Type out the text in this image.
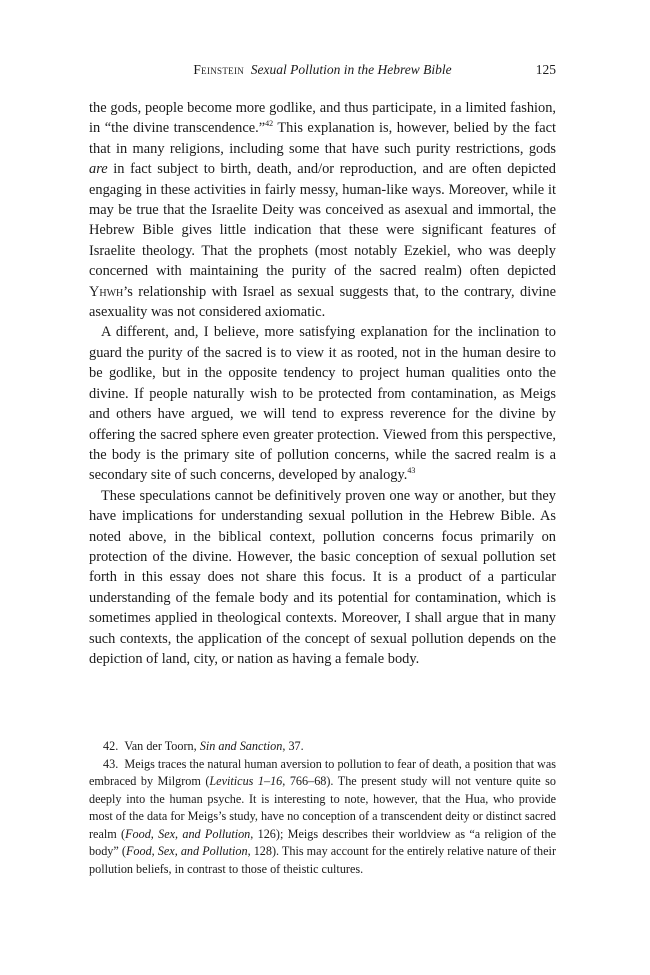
Feinstein Sexual Pollution in the Hebrew Bible	125

the gods, people become more godlike, and thus participate, in a limited fashion, in “the divine transcendence.”$^{42}$ This explanation is, however, belied by the fact that in many religions, including some that have such purity restrictions, gods are in fact subject to birth, death, and/or reproduction, and are often depicted engaging in these activities in fairly messy, human-like ways. Moreover, while it may be true that the Israelite Deity was conceived as asexual and immortal, the Hebrew Bible gives little indication that these were significant features of Israelite theology. That the prophets (most notably Ezekiel, who was deeply concerned with maintaining the purity of the sacred realm) often depicted Yhwh’s relationship with Israel as sexual suggests that, to the contrary, divine asexuality was not considered axiomatic.

A different, and, I believe, more satisfying explanation for the inclination to guard the purity of the sacred is to view it as rooted, not in the human desire to be godlike, but in the opposite tendency to project human qualities onto the divine. If people naturally wish to be protected from contamination, as Meigs and others have argued, we will tend to express reverence for the divine by offering the sacred sphere even greater protection. Viewed from this perspective, the body is the primary site of pollution concerns, while the sacred realm is a secondary site of such concerns, developed by analogy.$^{43}$

These speculations cannot be definitively proven one way or another, but they have implications for understanding sexual pollution in the Hebrew Bible. As noted above, in the biblical context, pollution concerns focus primarily on protection of the divine. However, the basic conception of sexual pollution set forth in this essay does not share this focus. It is a product of a particular understanding of the female body and its potential for contamination, which is sometimes applied in theological contexts. Moreover, I shall argue that in many such contexts, the application of the concept of sexual pollution depends on the depiction of land, city, or nation as having a female body.

42. Van der Toorn, Sin and Sanction, 37.

43. Meigs traces the natural human aversion to pollution to fear of death, a position that was embraced by Milgrom (Leviticus 1–16, 766–68). The present study will not venture quite so deeply into the human psyche. It is interesting to note, however, that the Hua, who provide most of the data for Meigs’s study, have no conception of a transcendent deity or distinct sacred realm (Food, Sex, and Pollution, 126); Meigs describes their worldview as “a religion of the body” (Food, Sex, and Pollution, 128). This may account for the entirely relative nature of their pollution beliefs, in contrast to those of theistic cultures.
